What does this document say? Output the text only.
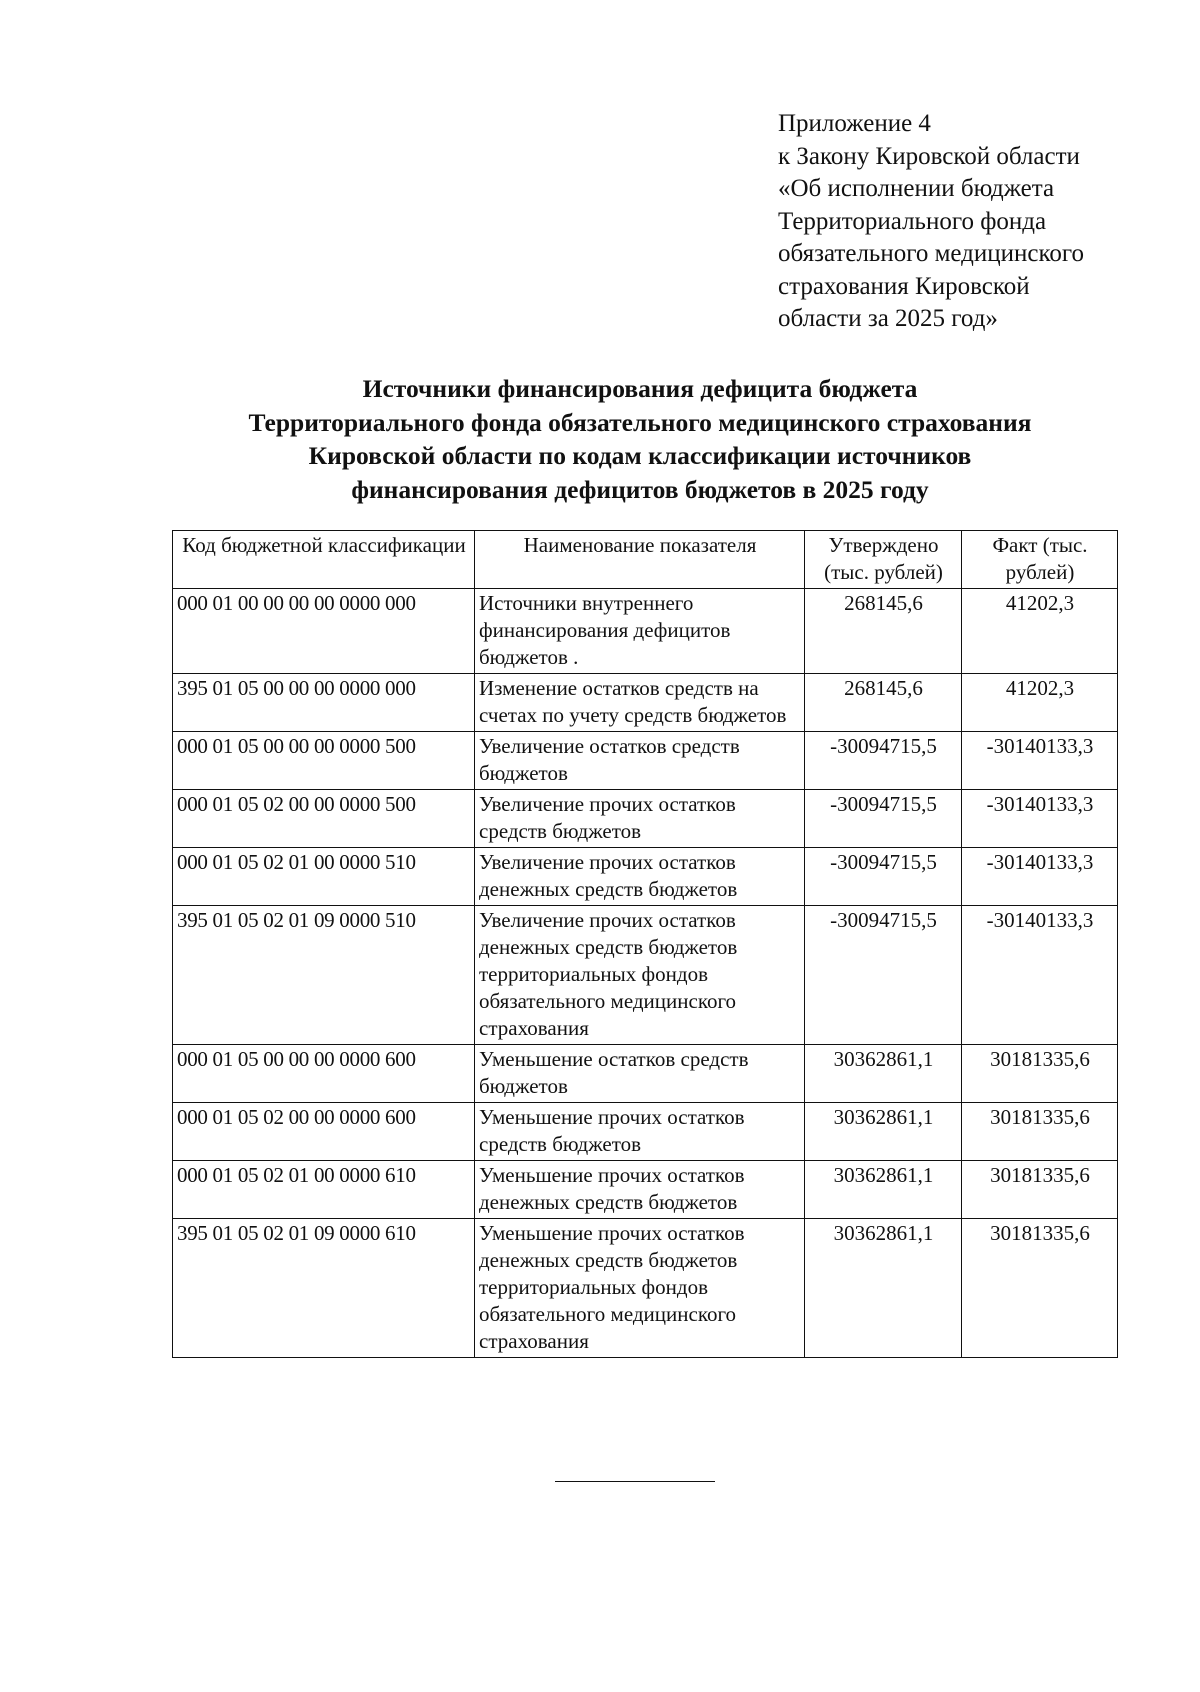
Приложение 4
к Закону Кировской области
«Об исполнении бюджета
Территориального фонда
обязательного медицинского
страхования Кировской
области за 2025 год»
Источники финансирования дефицита бюджета
Территориального фонда обязательного медицинского страхования
Кировской области по кодам классификации источников
финансирования дефицитов бюджетов в 2025 году
Код бюджетной классификации	Наименование показателя	Утверждено (тыс. рублей)	Факт (тыс. рублей)
000 01 00 00 00 00 0000 000	Источники внутреннего финансирования дефицитов бюджетов .	268145,6	41202,3
395 01 05 00 00 00 0000 000	Изменение остатков средств на счетах по учету средств бюджетов	268145,6	41202,3
000 01 05 00 00 00 0000 500	Увеличение остатков средств бюджетов	-30094715,5	-30140133,3
000 01 05 02 00 00 0000 500	Увеличение прочих остатков средств бюджетов	-30094715,5	-30140133,3
000 01 05 02 01 00 0000 510	Увеличение прочих остатков денежных средств бюджетов	-30094715,5	-30140133,3
395 01 05 02 01 09 0000 510	Увеличение прочих остатков денежных средств бюджетов территориальных фондов обязательного медицинского страхования	-30094715,5	-30140133,3
000 01 05 00 00 00 0000 600	Уменьшение остатков средств бюджетов	30362861,1	30181335,6
000 01 05 02 00 00 0000 600	Уменьшение прочих остатков средств бюджетов	30362861,1	30181335,6
000 01 05 02 01 00 0000 610	Уменьшение прочих остатков денежных средств бюджетов	30362861,1	30181335,6
395 01 05 02 01 09 0000 610	Уменьшение прочих остатков денежных средств бюджетов территориальных фондов обязательного медицинского страхования	30362861,1	30181335,6
